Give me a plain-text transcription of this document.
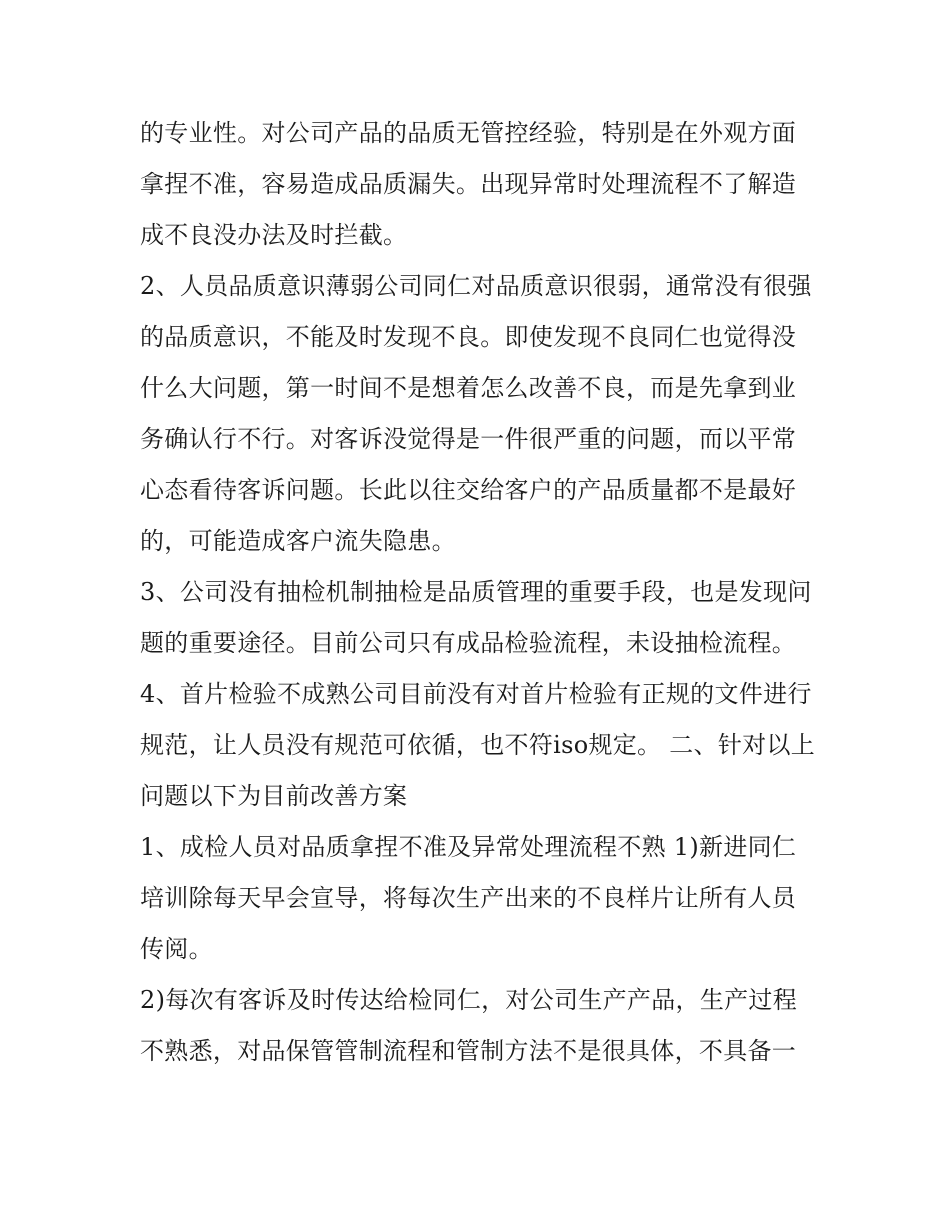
的专业性。对公司产品的品质无管控经验，特别是在外观方面拿捏不准，容易造成品质漏失。出现异常时处理流程不了解造成不良没办法及时拦截。

2、人员品质意识薄弱公司同仁对品质意识很弱，通常没有很强的品质意识，不能及时发现不良。即使发现不良同仁也觉得没什么大问题，第一时间不是想着怎么改善不良，而是先拿到业务确认行不行。对客诉没觉得是一件很严重的问题，而以平常心态看待客诉问题。长此以往交给客户的产品质量都不是最好的，可能造成客户流失隐患。

3、公司没有抽检机制抽检是品质管理的重要手段，也是发现问题的重要途径。目前公司只有成品检验流程，未设抽检流程。

4、首片检验不成熟公司目前没有对首片检验有正规的文件进行规范，让人员没有规范可依循，也不符iso规定。 二、针对以上问题以下为目前改善方案

1、成检人员对品质拿捏不准及异常处理流程不熟 1)新进同仁培训除每天早会宣导，将每次生产出来的不良样片让所有人员传阅。

2)每次有客诉及时传达给检同仁，对公司生产产品，生产过程不熟悉，对品保管管制流程和管制方法不是很具体，不具备一
